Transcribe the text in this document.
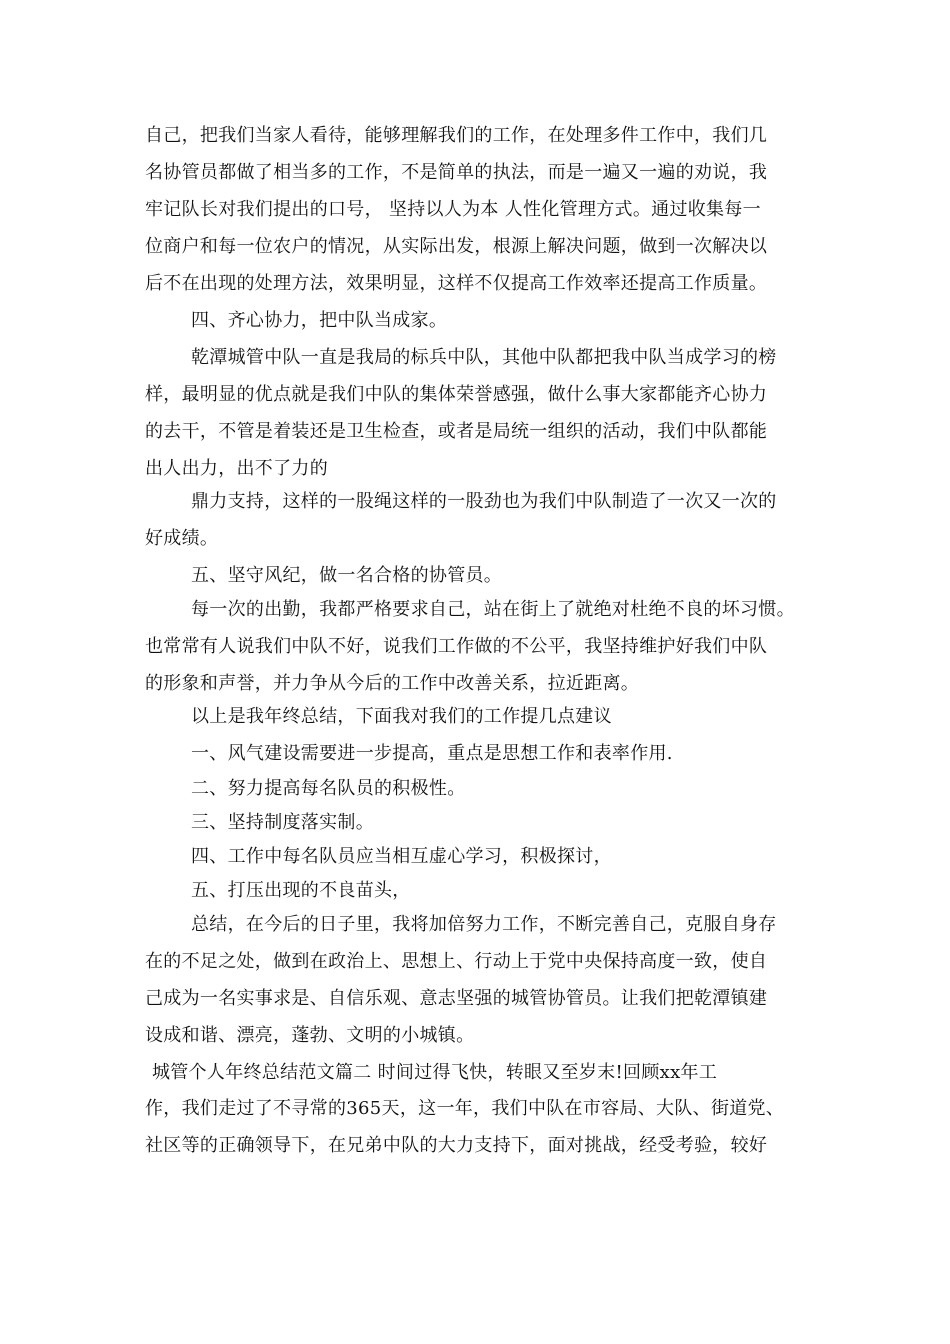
自己，把我们当家人看待，能够理解我们的工作，在处理多件工作中，我们几
名协管员都做了相当多的工作，不是简单的执法，而是一遍又一遍的劝说，我
牢记队长对我们提出的口号， 坚持以人为本 人性化管理方式。通过收集每一
位商户和每一位农户的情况，从实际出发，根源上解决问题，做到一次解决以
后不在出现的处理方法，效果明显，这样不仅提高工作效率还提高工作质量。
四、齐心协力，把中队当成家。
乾潭城管中队一直是我局的标兵中队，其他中队都把我中队当成学习的榜
样，最明显的优点就是我们中队的集体荣誉感强，做什么事大家都能齐心协力
的去干，不管是着装还是卫生检查，或者是局统一组织的活动，我们中队都能
出人出力，出不了力的
鼎力支持，这样的一股绳这样的一股劲也为我们中队制造了一次又一次的
好成绩。
五、坚守风纪，做一名合格的协管员。
每一次的出勤，我都严格要求自己，站在街上了就绝对杜绝不良的坏习惯。
也常常有人说我们中队不好，说我们工作做的不公平，我坚持维护好我们中队
的形象和声誉，并力争从今后的工作中改善关系，拉近距离。
以上是我年终总结，下面我对我们的工作提几点建议
一、风气建设需要进一步提高，重点是思想工作和表率作用.
二、努力提高每名队员的积极性。
三、坚持制度落实制。
四、工作中每名队员应当相互虚心学习，积极探讨，
五、打压出现的不良苗头，
总结，在今后的日子里，我将加倍努力工作，不断完善自己，克服自身存
在的不足之处，做到在政治上、思想上、行动上于党中央保持高度一致，使自
己成为一名实事求是、自信乐观、意志坚强的城管协管员。让我们把乾潭镇建
设成和谐、漂亮，蓬勃、文明的小城镇。
城管个人年终总结范文篇二 时间过得飞快，转眼又至岁末!回顾xx年工
作，我们走过了不寻常的365天，这一年，我们中队在市容局、大队、街道党、
社区等的正确领导下，在兄弟中队的大力支持下，面对挑战，经受考验，较好
